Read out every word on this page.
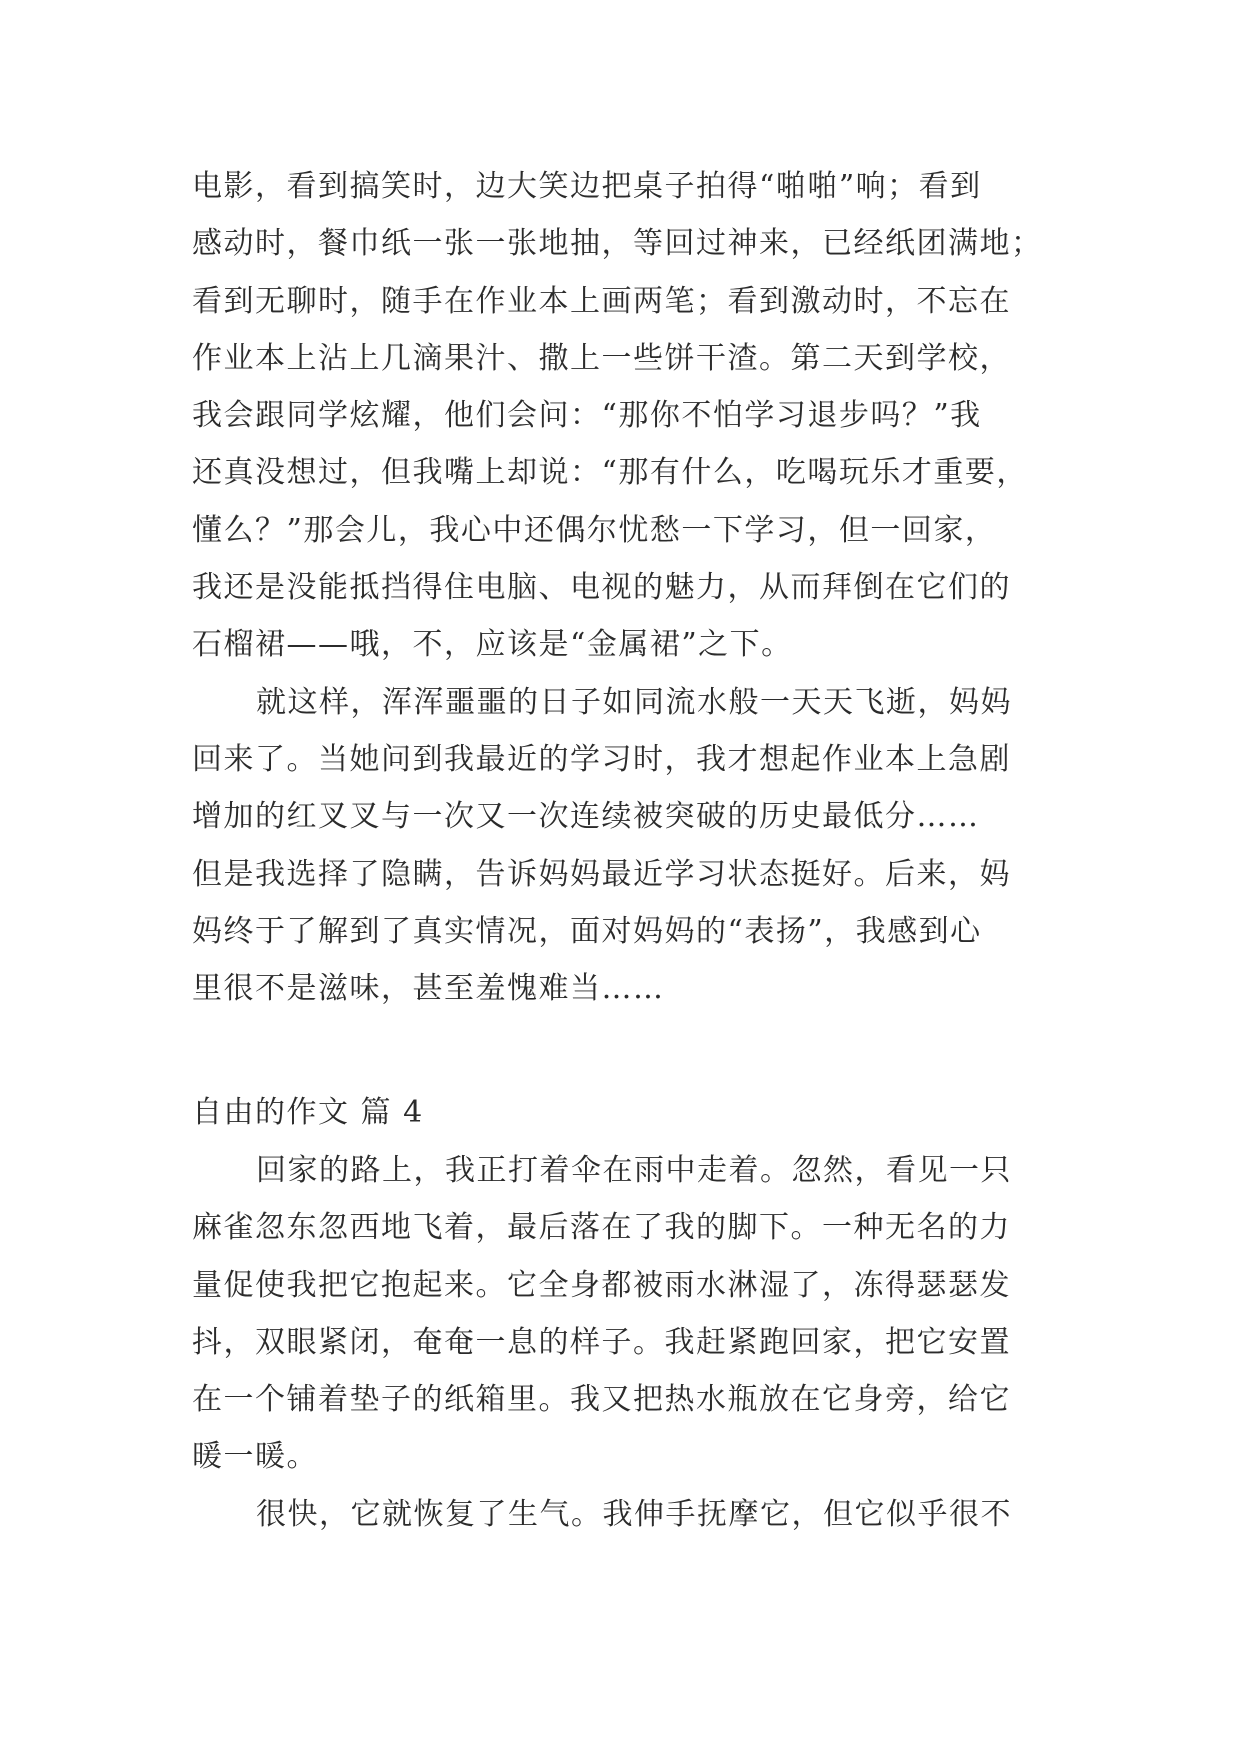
电影，看到搞笑时，边大笑边把桌子拍得“啪啪”响；看到
感动时，餐巾纸一张一张地抽，等回过神来，已经纸团满地；
看到无聊时，随手在作业本上画两笔；看到激动时，不忘在
作业本上沾上几滴果汁、撒上一些饼干渣。第二天到学校，
我会跟同学炫耀，他们会问：“那你不怕学习退步吗？”我
还真没想过，但我嘴上却说：“那有什么，吃喝玩乐才重要，
懂么？”那会儿，我心中还偶尔忧愁一下学习，但一回家，
我还是没能抵挡得住电脑、电视的魅力，从而拜倒在它们的
石榴裙——哦，不，应该是“金属裙”之下。
就这样，浑浑噩噩的日子如同流水般一天天飞逝，妈妈
回来了。当她问到我最近的学习时，我才想起作业本上急剧
增加的红叉叉与一次又一次连续被突破的历史最低分……
但是我选择了隐瞒，告诉妈妈最近学习状态挺好。后来，妈
妈终于了解到了真实情况，面对妈妈的“表扬”，我感到心
里很不是滋味，甚至羞愧难当……
自由的作文 篇 4
回家的路上，我正打着伞在雨中走着。忽然，看见一只
麻雀忽东忽西地飞着，最后落在了我的脚下。一种无名的力
量促使我把它抱起来。它全身都被雨水淋湿了，冻得瑟瑟发
抖，双眼紧闭，奄奄一息的样子。我赶紧跑回家，把它安置
在一个铺着垫子的纸箱里。我又把热水瓶放在它身旁，给它
暖一暖。
很快，它就恢复了生气。我伸手抚摩它，但它似乎很不
